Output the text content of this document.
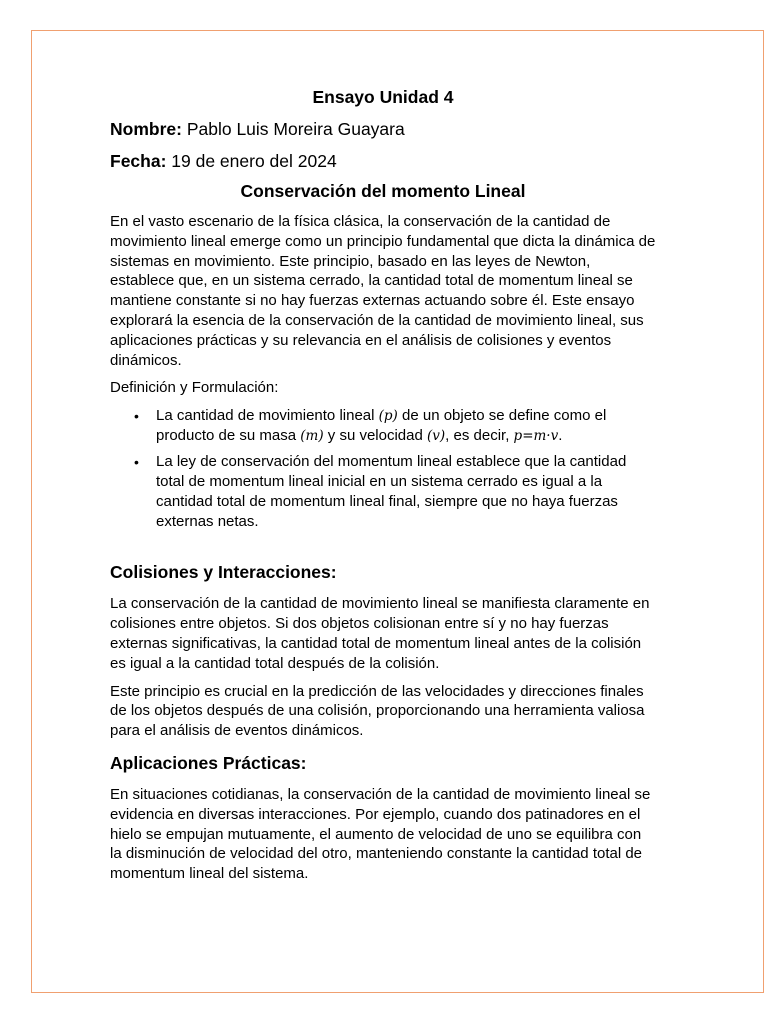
Ensayo Unidad 4

Nombre: Pablo Luis Moreira Guayara

Fecha: 19 de enero del 2024

Conservación del momento Lineal

En el vasto escenario de la física clásica, la conservación de la cantidad de movimiento lineal emerge como un principio fundamental que dicta la dinámica de sistemas en movimiento. Este principio, basado en las leyes de Newton, establece que, en un sistema cerrado, la cantidad total de momentum lineal se mantiene constante si no hay fuerzas externas actuando sobre él. Este ensayo explorará la esencia de la conservación de la cantidad de movimiento lineal, sus aplicaciones prácticas y su relevancia en el análisis de colisiones y eventos dinámicos.

Definición y Formulación:

• La cantidad de movimiento lineal (p) de un objeto se define como el producto de su masa (m) y su velocidad (v), es decir, p=m·v.
• La ley de conservación del momentum lineal establece que la cantidad total de momentum lineal inicial en un sistema cerrado es igual a la cantidad total de momentum lineal final, siempre que no haya fuerzas externas netas.
Colisiones y Interacciones:

La conservación de la cantidad de movimiento lineal se manifiesta claramente en colisiones entre objetos. Si dos objetos colisionan entre sí y no hay fuerzas externas significativas, la cantidad total de momentum lineal antes de la colisión es igual a la cantidad total después de la colisión.

Este principio es crucial en la predicción de las velocidades y direcciones finales de los objetos después de una colisión, proporcionando una herramienta valiosa para el análisis de eventos dinámicos.

Aplicaciones Prácticas:

En situaciones cotidianas, la conservación de la cantidad de movimiento lineal se evidencia en diversas interacciones. Por ejemplo, cuando dos patinadores en el hielo se empujan mutuamente, el aumento de velocidad de uno se equilibra con la disminución de velocidad del otro, manteniendo constante la cantidad total de momentum lineal del sistema.
